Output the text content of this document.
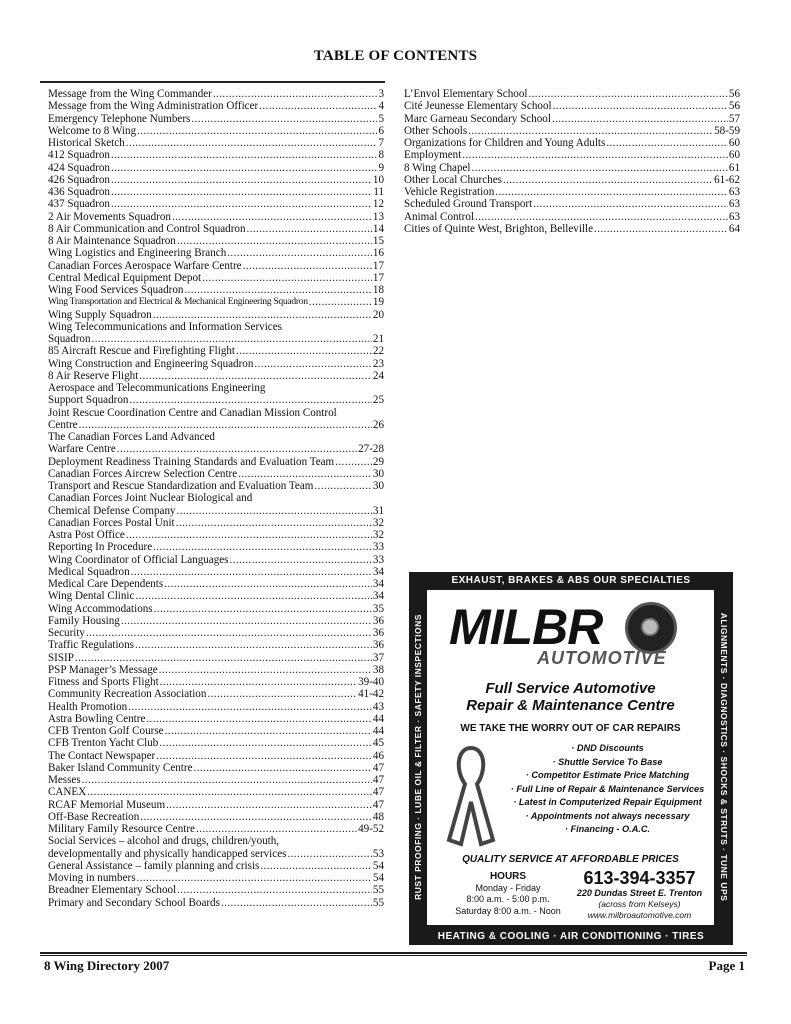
TABLE OF CONTENTS
Message from the Wing Commander .....	3
Message from the Wing Administration Officer .....	4
Emergency Telephone Numbers .....	5
Welcome to 8 Wing .....	6
Historical Sketch .....	7
412 Squadron .....	8
424 Squadron .....	9
426 Squadron .....	10
436 Squadron .....	11
437 Squadron .....	12
2 Air Movements Squadron .....	13
8 Air Communication and Control Squadron .....	14
8 Air Maintenance Squadron .....	15
Wing Logistics and Engineering Branch .....	16
Canadian Forces Aerospace Warfare Centre .....	17
Central Medical Equipment Depot .....	17
Wing Food Services Squadron .....	18
Wing Transportation and Electrical & Mechanical Engineering Squadron .....	19
Wing Supply Squadron .....	20
Wing Telecommunications and Information Services
Squadron .....	21
85 Aircraft Rescue and Firefighting Flight .....	22
Wing Construction and Engineering Squadron .....	23
8 Air Reserve Flight .....	24
Aerospace and Telecommunications Engineering
Support Squadron .....	25
Joint Rescue Coordination Centre and Canadian Mission Control
Centre .....	26
The Canadian Forces Land Advanced
Warfare Centre .....	27-28
Deployment Readiness Training Standards and Evaluation Team .....	29
Canadian Forces Aircrew Selection Centre .....	30
Transport and Rescue Standardization and Evaluation Team .....	30
Canadian Forces Joint Nuclear Biological and
Chemical Defense Company .....	31
Canadian Forces Postal Unit .....	32
Astra Post Office .....	32
Reporting In Procedure .....	33
Wing Coordinator of Official Languages .....	33
Medical Squadron .....	34
Medical Care Dependents .....	34
Wing Dental Clinic .....	34
Wing Accommodations .....	35
Family Housing .....	36
Security .....	36
Traffic Regulations .....	36
SISIP .....	37
PSP Manager’s Message .....	38
Fitness and Sports Flight .....	39-40
Community Recreation Association .....	41-42
Health Promotion .....	43
Astra Bowling Centre .....	44
CFB Trenton Golf Course .....	44
CFB Trenton Yacht Club .....	45
The Contact Newspaper .....	46
Baker Island Community Centre .....	47
Messes .....	47
CANEX .....	47
RCAF Memorial Museum .....	47
Off-Base Recreation .....	48
Military Family Resource Centre .....	49-52
Social Services – alcohol and drugs, children/youth,
developmentally and physically handicapped services .....	53
General Assistance – family planning and crisis .....	54
Moving in numbers .....	54
Breadner Elementary School .....	55
Primary and Secondary School Boards .....	55
L’Envol Elementary School .....	56
Cité Jeunesse Elementary School .....	56
Marc Garneau Secondary School .....	57
Other Schools .....	58-59
Organizations for Children and Young Adults .....	60
Employment .....	60
8 Wing Chapel .....	61
Other Local Churches .....	61-62
Vehicle Registration .....	63
Scheduled Ground Transport .....	63
Animal Control .....	63
Cities of Quinte West, Brighton, Belleville .....	64
EXHAUST, BRAKES & ABS OUR SPECIALTIES
RUST PROOFING · LUBE OIL & FILTER · SAFETY INSPECTIONS	ALIGNMENTS · DIAGNOSTICS · SHOCKS & STRUTS · TUNE UPS
HEATING & COOLING · AIR CONDITIONING · TIRES
MILBR
AUTOMOTIVE
Full Service Automotive
Repair & Maintenance Centre
WE TAKE THE WORRY OUT OF CAR REPAIRS
· DND Discounts
· Shuttle Service To Base
· Competitor Estimate Price Matching
· Full Line of Repair & Maintenance Services
· Latest in Computerized Repair Equipment
· Appointments not always necessary
· Financing - O.A.C.
QUALITY SERVICE AT AFFORDABLE PRICES
HOURS
Monday - Friday
8:00 a.m. - 5:00 p.m.
Saturday 8:00 a.m. - Noon
613-394-3357
220 Dundas Street E. Trenton
(across from Kelseys)
www.milbroautomotive.com
8 Wing Directory 2007	Page 1
